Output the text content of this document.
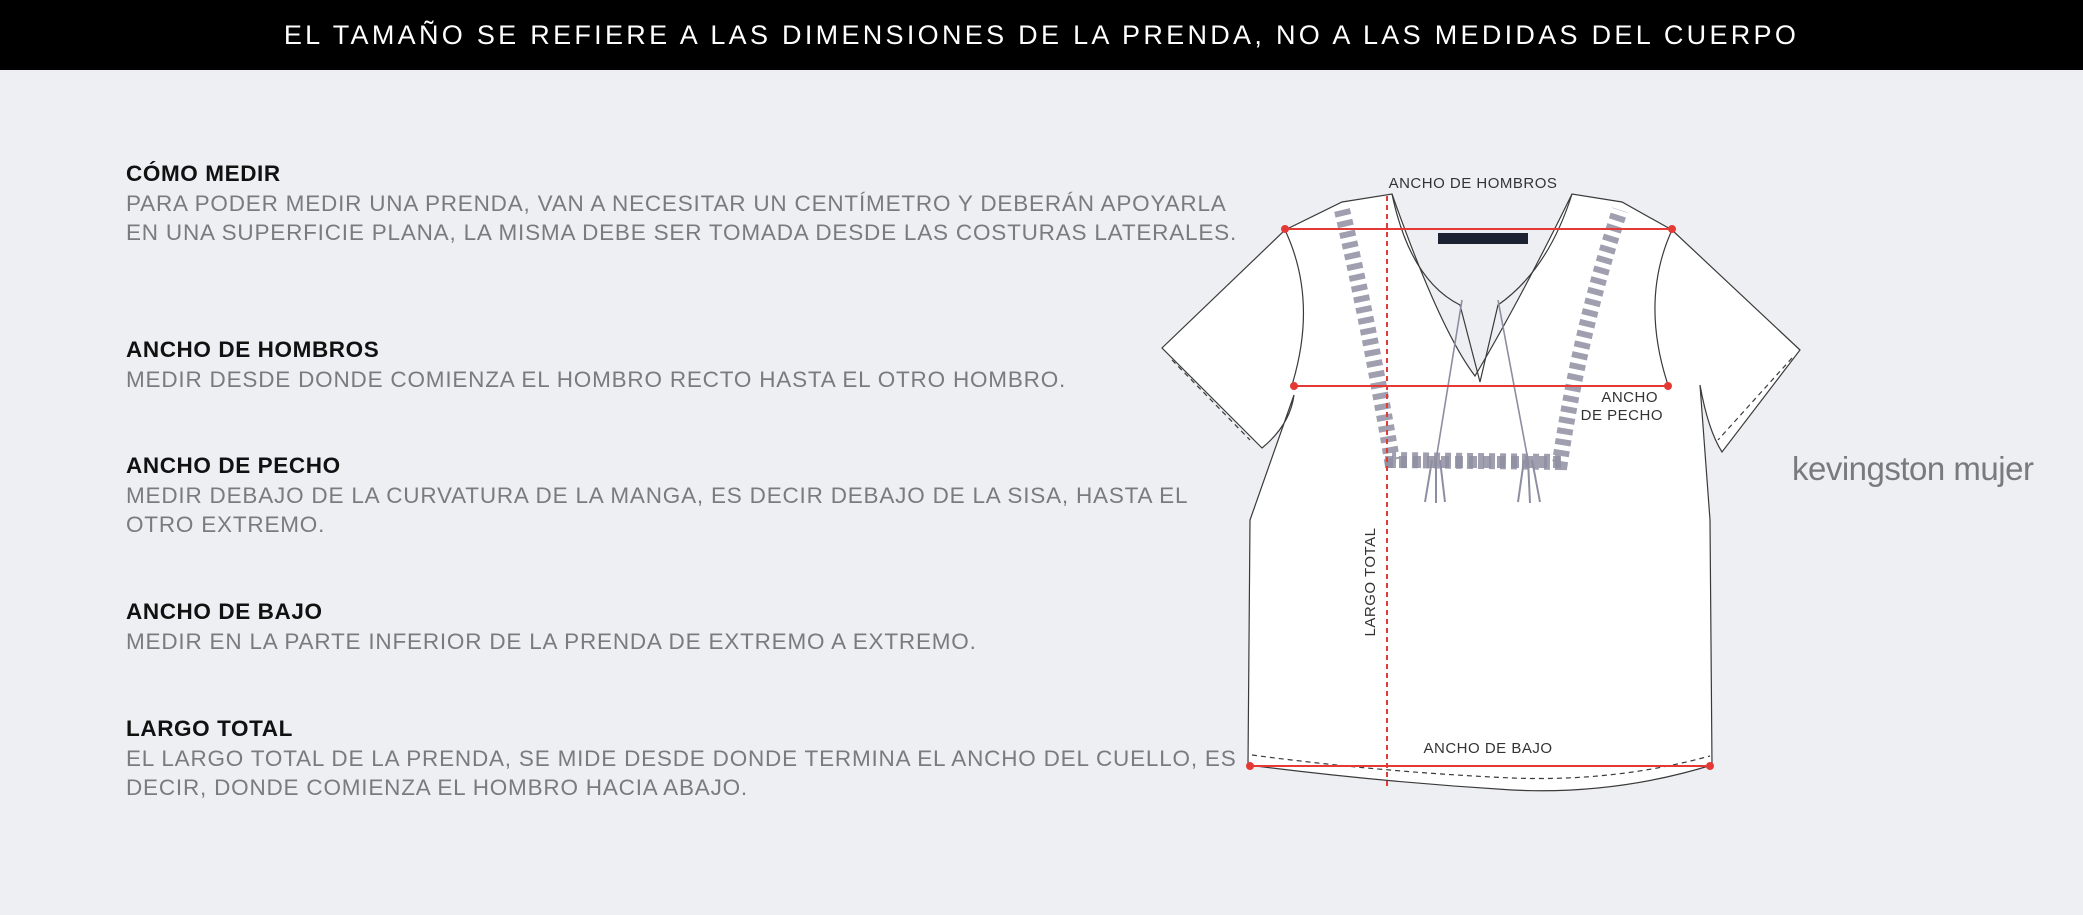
EL TAMAÑO SE REFIERE A LAS DIMENSIONES DE LA PRENDA, NO A LAS MEDIDAS DEL CUERPO
CÓMO MEDIR

PARA PODER MEDIR UNA PRENDA, VAN A NECESITAR UN CENTÍMETRO Y DEBERÁN APOYARLA

EN UNA SUPERFICIE PLANA, LA MISMA DEBE SER TOMADA DESDE LAS COSTURAS LATERALES.

ANCHO DE HOMBROS

MEDIR DESDE DONDE COMIENZA EL HOMBRO RECTO HASTA EL OTRO HOMBRO.

ANCHO DE PECHO

MEDIR DEBAJO DE LA CURVATURA DE LA MANGA, ES DECIR DEBAJO DE LA SISA, HASTA EL

OTRO EXTREMO.

ANCHO DE BAJO

MEDIR EN LA PARTE INFERIOR DE LA PRENDA DE EXTREMO A EXTREMO.

LARGO TOTAL

EL LARGO TOTAL DE LA PRENDA, SE MIDE DESDE DONDE TERMINA EL ANCHO DEL CUELLO, ES

DECIR, DONDE COMIENZA EL HOMBRO HACIA ABAJO.

ANCHO DE HOMBROS
ANCHO
DE PECHO
ANCHO DE BAJO
LARGO TOTAL
kevingston mujer
